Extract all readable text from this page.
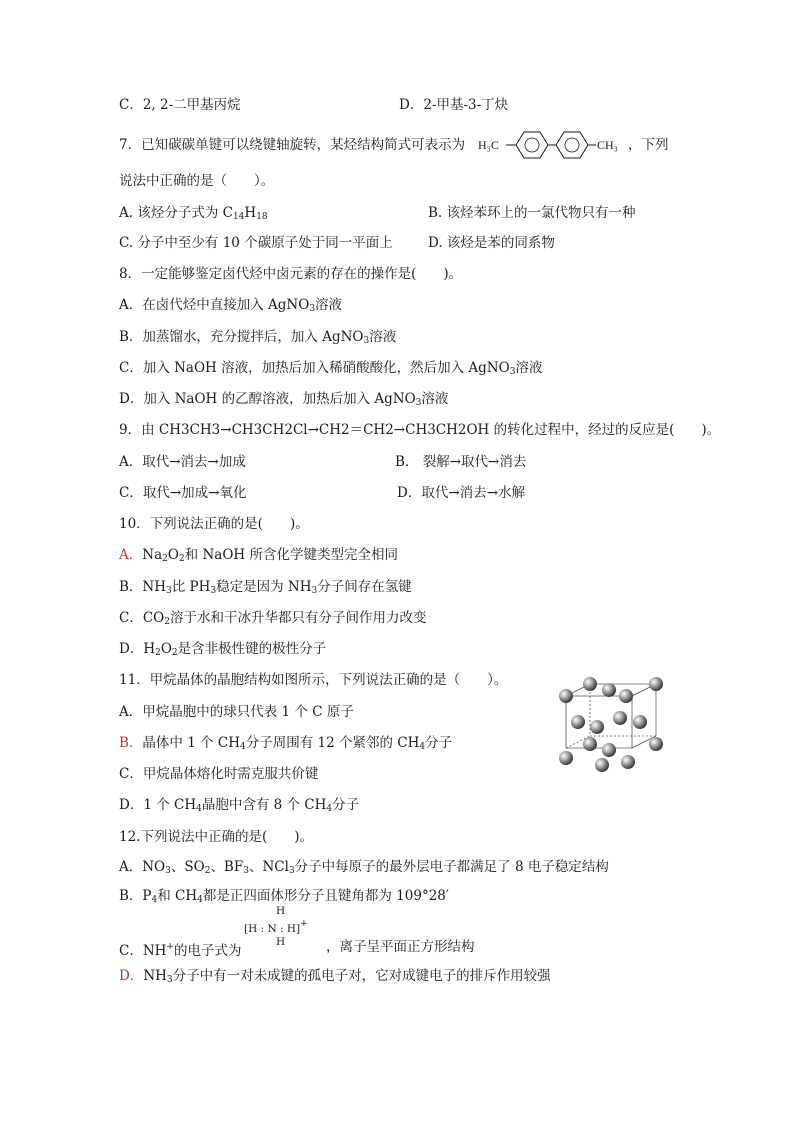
C．2, 2-二甲基丙烷	D．2-甲基-3-丁炔
7．已知碳碳单键可以绕键轴旋转，某烃结构简式可表示为 H₃C	CH₃ ，下列
说法中正确的是（　　）。
A. 该烃分子式为 $C_{14}H_{18}$	B. 该烃苯环上的一氯代物只有一种
C. 分子中至少有 10 个碳原子处于同一平面上	D. 该烃是苯的同系物
8．一定能够鉴定卤代烃中卤元素的存在的操作是(　　)。
A．在卤代烃中直接加入 AgNO$_3$溶液
B．加蒸馏水，充分搅拌后，加入 AgNO$_3$溶液
C．加入 NaOH 溶液，加热后加入稀硝酸酸化，然后加入 AgNO$_3$溶液
D．加入 NaOH 的乙醇溶液，加热后加入 AgNO$_3$溶液
9．由 CH3CH3→CH3CH2Cl→CH2＝CH2→CH3CH2OH 的转化过程中，经过的反应是(　　)。
A．取代→消去→加成	B． 裂解→取代→消去
C．取代→加成→氧化	D．取代→消去→水解
10．下列说法正确的是(　　)。
A．$Na_2O_2$和 NaOH 所含化学键类型完全相同
B．$NH_3$比 $PH_3$稳定是因为 $NH_3$分子间存在氢键
C．$CO_2$溶于水和干冰升华都只有分子间作用力改变
D．$H_2O_2$是含非极性键的极性分子
11．甲烷晶体的晶胞结构如图所示，下列说法正确的是（　　）。
A．甲烷晶胞中的球只代表 1 个 C 原子
B．晶体中 1 个 $CH_4$分子周围有 12 个紧邻的 $CH_4$分子
C．甲烷晶体熔化时需克服共价键
D．1 个 $CH_4$晶胞中含有 8 个 $CH_4$分子
12.下列说法中正确的是(　　)。
A．$NO_3$、$SO_2$、$BF_3$、NCl$_3$分子中每原子的最外层电子都满足了 8 电子稳定结构
B．$P_4$和 $CH_4$都是正四面体形分子且键角都为 109°28′
H
[H : N : H]+
H
C．NH+的电子式为	，离子呈平面正方形结构
D．$NH_3$分子中有一对未成键的孤电子对，它对成键电子的排斥作用较强
